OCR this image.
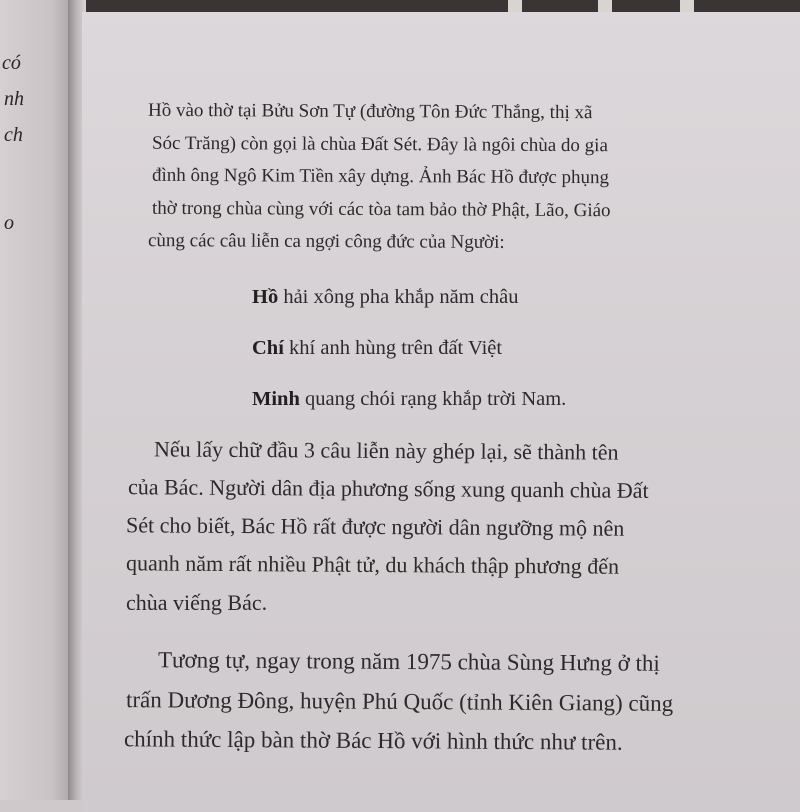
có
nh
ch
o
Hồ vào thờ tại Bửu Sơn Tự (đường Tôn Đức Thắng, thị xã
Sóc Trăng) còn gọi là chùa Đất Sét. Đây là ngôi chùa do gia
đình ông Ngô Kim Tiền xây dựng. Ảnh Bác Hồ được phụng
thờ trong chùa cùng với các tòa tam bảo thờ Phật, Lão, Giáo
cùng các câu liễn ca ngợi công đức của Người:
Hồ hải xông pha khắp năm châu
Chí khí anh hùng trên đất Việt
Minh quang chói rạng khắp trời Nam.
Nếu lấy chữ đầu 3 câu liễn này ghép lại, sẽ thành tên
của Bác. Người dân địa phương sống xung quanh chùa Đất
Sét cho biết, Bác Hồ rất được người dân ngưỡng mộ nên
quanh năm rất nhiều Phật tử, du khách thập phương đến
chùa viếng Bác.
Tương tự, ngay trong năm 1975 chùa Sùng Hưng ở thị
trấn Dương Đông, huyện Phú Quốc (tỉnh Kiên Giang) cũng
chính thức lập bàn thờ Bác Hồ với hình thức như trên.
